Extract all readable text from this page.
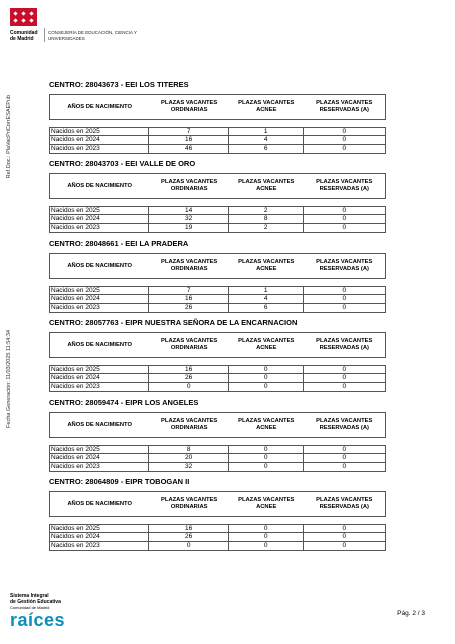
Comunidad de Madrid
CONSEJERÍA DE EDUCACIÓN, CIENCIA Y UNIVERSIDADES
Ref.Doc.: PlaVacPriCorrESAEPub
Fecha Generación: 11/03/2025 11:54:34
CENTRO: 28043673 - EEI LOS TITERES
AÑOS DE NACIMIENTO
PLAZAS VACANTES ORDINARIAS
PLAZAS VACANTES ACNEE
PLAZAS VACANTES RESERVADAS (A)
Nacidos en 2025	7	1	0
Nacidos en 2024	16	4	0
Nacidos en 2023	46	6	0
CENTRO: 28043703 - EEI VALLE DE ORO
AÑOS DE NACIMIENTO
PLAZAS VACANTES ORDINARIAS
PLAZAS VACANTES ACNEE
PLAZAS VACANTES RESERVADAS (A)
Nacidos en 2025	14	2	0
Nacidos en 2024	32	8	0
Nacidos en 2023	19	2	0
CENTRO: 28048661 - EEI LA PRADERA
AÑOS DE NACIMIENTO
PLAZAS VACANTES ORDINARIAS
PLAZAS VACANTES ACNEE
PLAZAS VACANTES RESERVADAS (A)
Nacidos en 2025	7	1	0
Nacidos en 2024	16	4	0
Nacidos en 2023	26	6	0
CENTRO: 28057763 - EIPR NUESTRA SEÑORA DE LA ENCARNACION
AÑOS DE NACIMIENTO
PLAZAS VACANTES ORDINARIAS
PLAZAS VACANTES ACNEE
PLAZAS VACANTES RESERVADAS (A)
Nacidos en 2025	16	0	0
Nacidos en 2024	26	0	0
Nacidos en 2023	0	0	0
CENTRO: 28059474 - EIPR LOS ANGELES
AÑOS DE NACIMIENTO
PLAZAS VACANTES ORDINARIAS
PLAZAS VACANTES ACNEE
PLAZAS VACANTES RESERVADAS (A)
Nacidos en 2025	8	0	0
Nacidos en 2024	20	0	0
Nacidos en 2023	32	0	0
CENTRO: 28064809 - EIPR TOBOGAN II
AÑOS DE NACIMIENTO
PLAZAS VACANTES ORDINARIAS
PLAZAS VACANTES ACNEE
PLAZAS VACANTES RESERVADAS (A)
Nacidos en 2025	16	0	0
Nacidos en 2024	26	0	0
Nacidos en 2023	0	0	0
Sistema Integral
de Gestión Educativa
Comunidad de Madrid
raíces	Pág. 2 / 3
